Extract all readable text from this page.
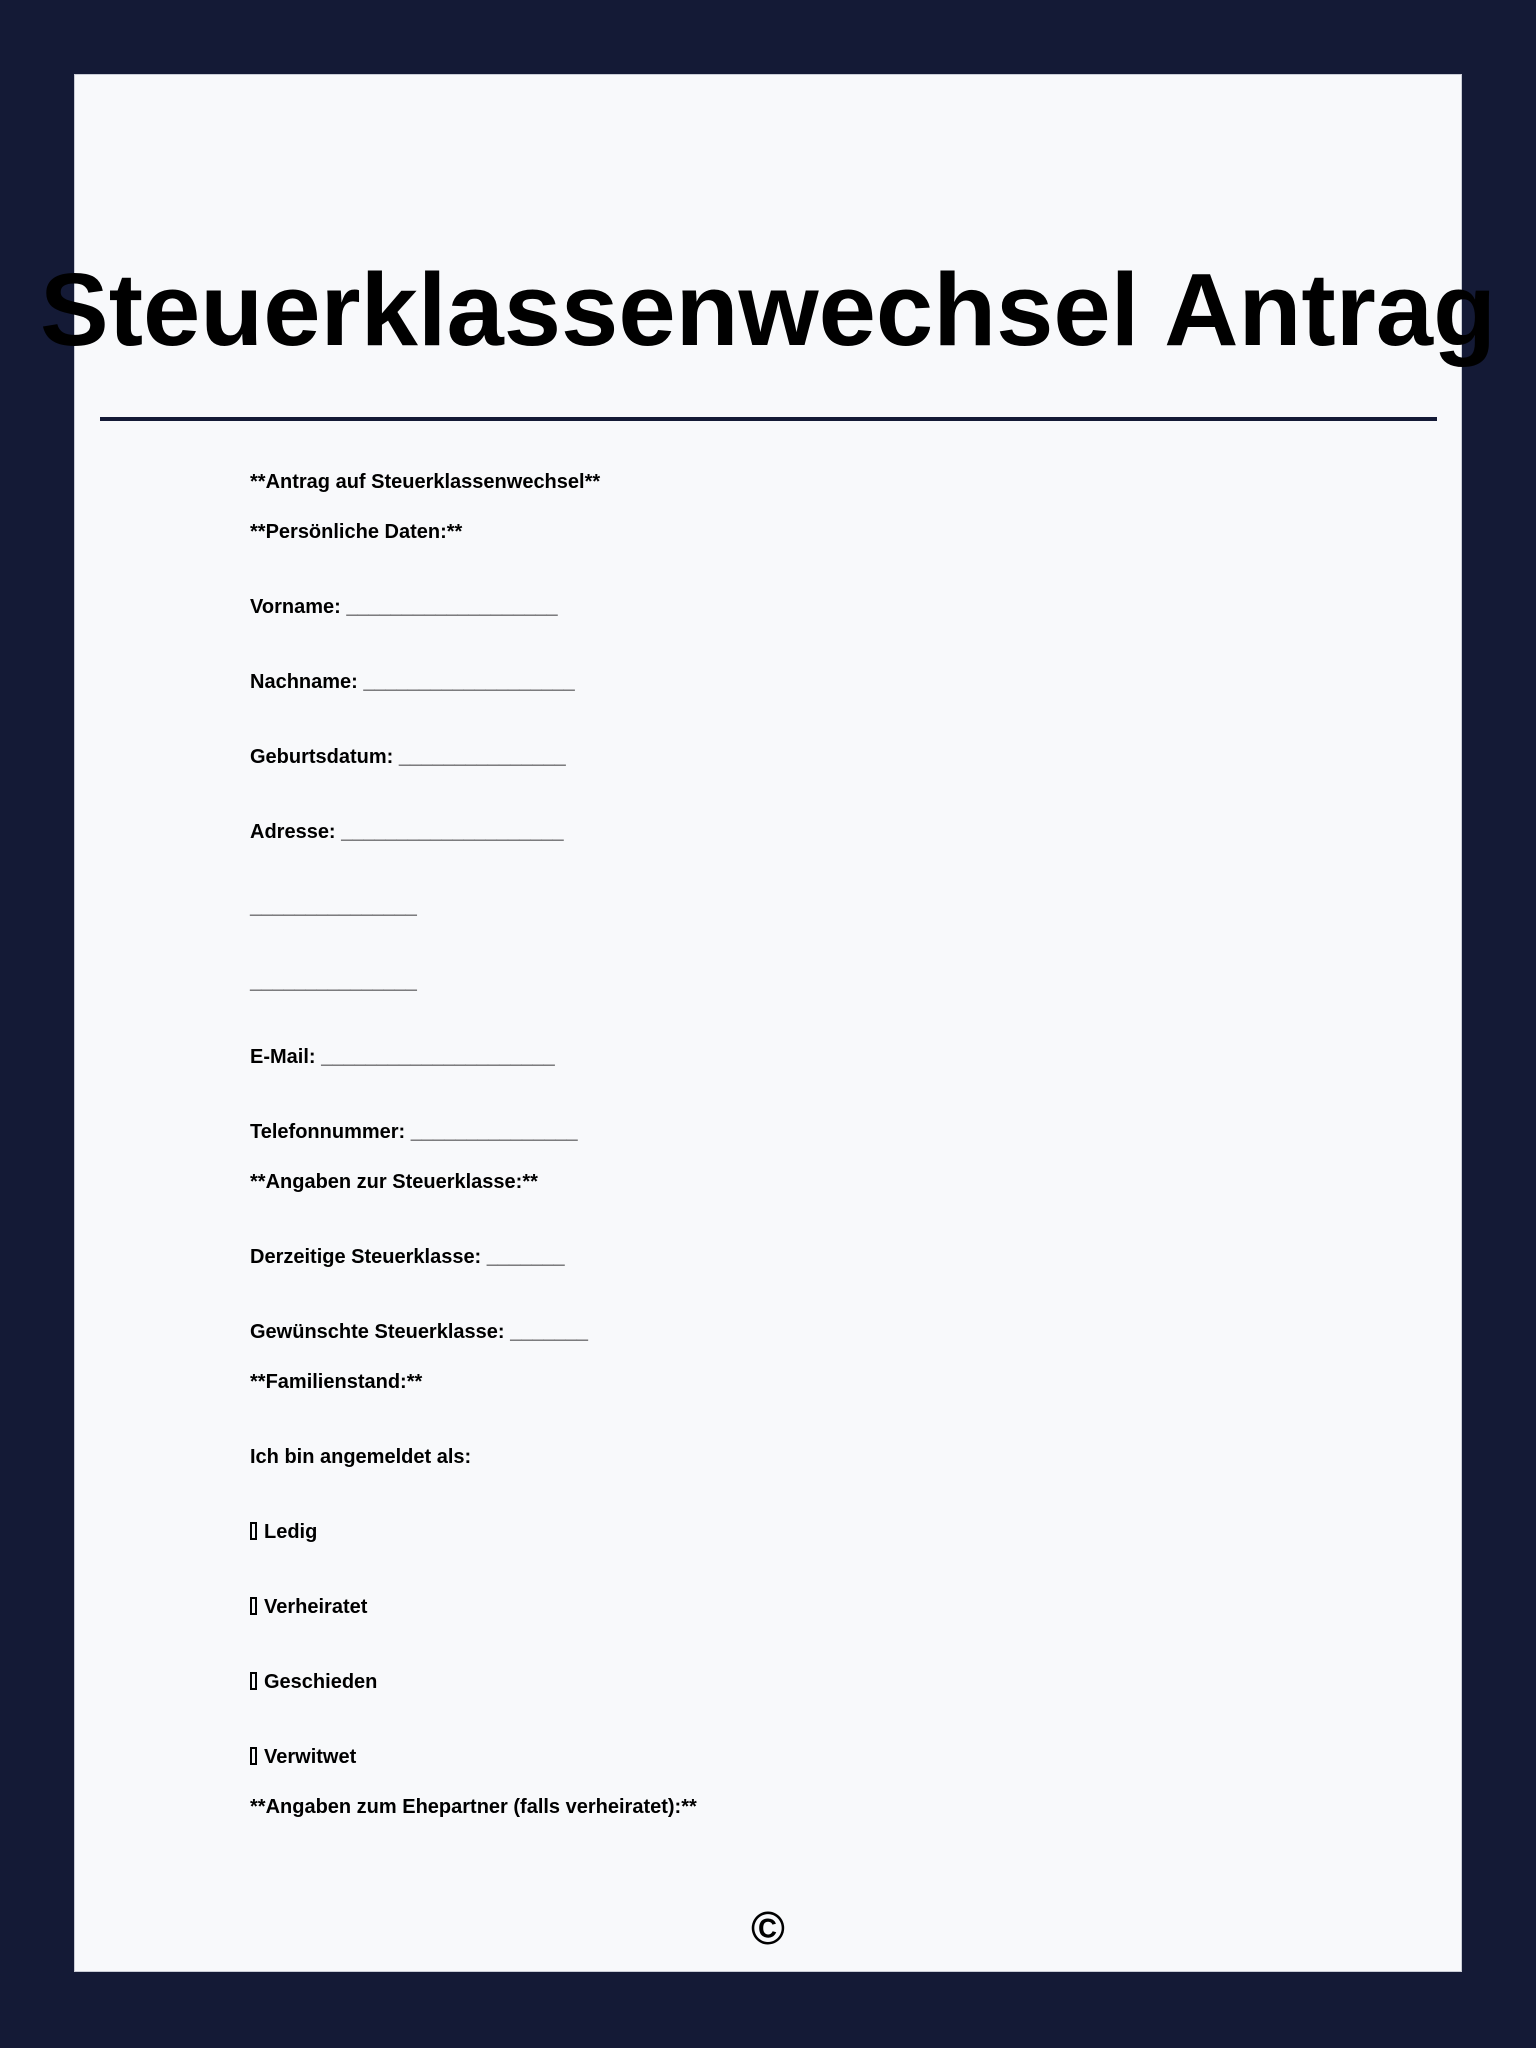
Steuerklassenwechsel Antrag

**Antrag auf Steuerklassenwechsel**

**Persönliche Daten:**

Vorname: ___________________

Nachname: ___________________

Geburtsdatum: _______________

Adresse: ____________________

_______________

_______________

E-Mail: _____________________

Telefonnummer: _______________

**Angaben zur Steuerklasse:**

Derzeitige Steuerklasse: _______

Gewünschte Steuerklasse: _______

**Familienstand:**

Ich bin angemeldet als:

Ledig

Verheiratet

Geschieden

Verwitwet

**Angaben zum Ehepartner (falls verheiratet):**

©
